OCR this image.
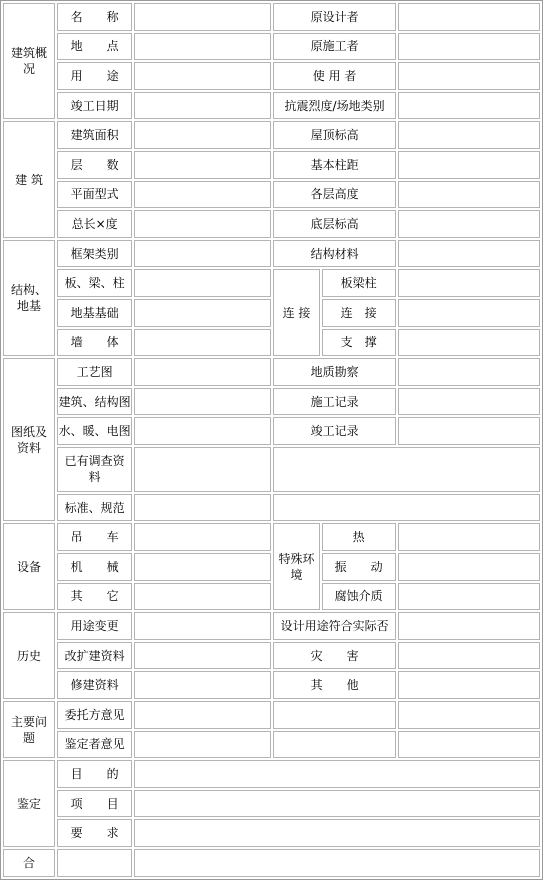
建筑概况	名　　称		原设计者		
	地　　点		原施工者		
	用　　途		使 用 者		
	竣工日期		抗震烈度/场地类别		
建 筑	建筑面积		屋顶标高		
	层　　数		基本柱距		
	平面型式		各层高度		
	总长×度		底层标高		
结构、地基	框架类别		结构材料		
	板、梁、柱		连 接	板梁柱	
	地基基础			连　接	
	墙　　体			支　撑	
图纸及资料	工艺图		地质勘察		
	建筑、结构图		施工记录		
	水、暖、电图		竣工记录		
	已有调查资料				
	标准、规范				
设备	吊　　车		特殊环境	热	
	机　　械			振　　动	
	其　　它			腐蚀介质	
历史	用途变更		设计用途符合实际否		
	改扩建资料		灾　　害		
	修建资料		其　　他		
主要问题	委托方意见				
	鉴定者意见				
鉴定	目　　的				
	项　　目				
	要　　求				
合					
